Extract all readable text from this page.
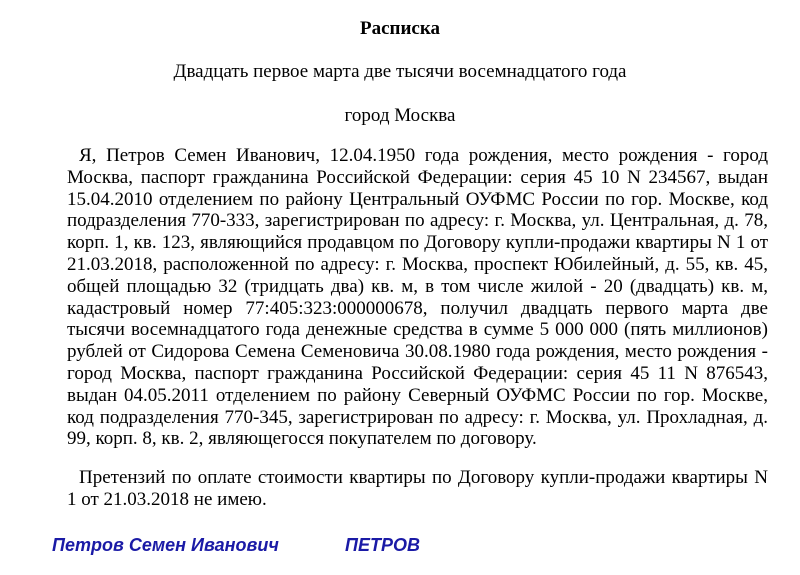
Расписка
Двадцать первое марта две тысячи восемнадцатого года
город Москва

Я, Петров Семен Иванович, 12.04.1950 года рождения, место рождения - город Москва, паспорт гражданина Российской Федерации: серия 45 10 N 234567, выдан 15.04.2010 отделением по району Центральный ОУФМС России по гор. Москве, код подразделения 770-333, зарегистрирован по адресу: г. Москва, ул. Центральная, д. 78, корп. 1, кв. 123, являющийся продавцом по Договору купли-продажи квартиры N 1 от 21.03.2018, расположенной по адресу: г. Москва, проспект Юбилейный, д. 55, кв. 45, общей площадью 32 (тридцать два) кв. м, в том числе жилой - 20 (двадцать) кв. м, кадастровый номер 77:405:323:000000678, получил двадцать первого марта две тысячи восемнадцатого года денежные средства в сумме 5 000 000 (пять миллионов) рублей от Сидорова Семена Семеновича 30.08.1980 года рождения, место рождения - город Москва, паспорт гражданина Российской Федерации: серия 45 11 N 876543, выдан 04.05.2011 отделением по району Северный ОУФМС России по гор. Москве, код подразделения 770-345, зарегистрирован по адресу: г. Москва, ул. Прохладная, д. 99, корп. 8, кв. 2, являющегосся покупателем по договору.

Претензий по оплате стоимости квартиры по Договору купли-продажи квартиры N 1 от 21.03.2018 не имею.

Петров Семен Иванович	ПЕТРОВ
